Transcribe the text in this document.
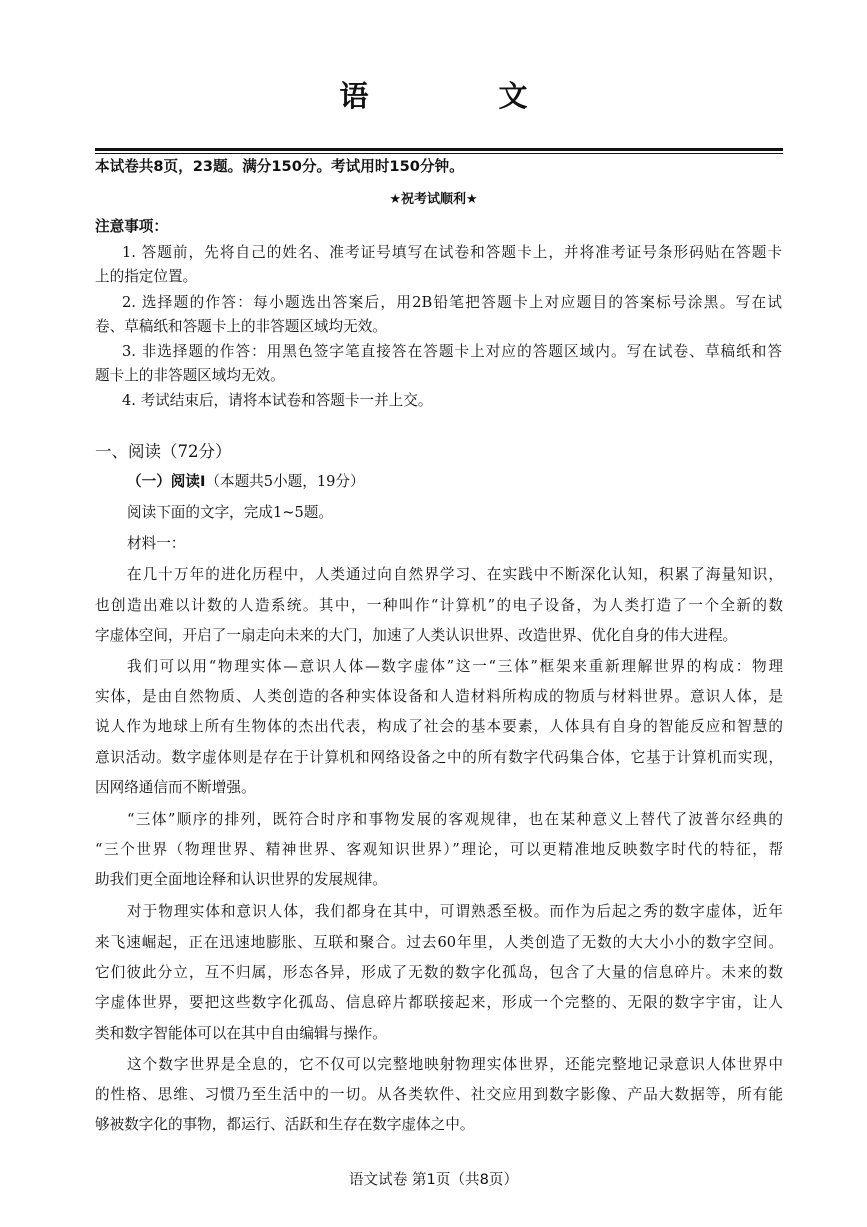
语 文
本试卷共8页，23题。满分150分。考试用时150分钟。
★祝考试顺利★
注意事项：
1. 答题前，先将自己的姓名、准考证号填写在试卷和答题卡上，并将准考证号条形码贴在答题卡
上的指定位置。
2. 选择题的作答：每小题选出答案后，用2B铅笔把答题卡上对应题目的答案标号涂黑。写在试
卷、草稿纸和答题卡上的非答题区域均无效。
3. 非选择题的作答：用黑色签字笔直接答在答题卡上对应的答题区域内。写在试卷、草稿纸和答
题卡上的非答题区域均无效。
4. 考试结束后，请将本试卷和答题卡一并上交。
一、阅读（72分）
（一）阅读Ⅰ（本题共5小题，19分）
阅读下面的文字，完成1~5题。
材料一：
在几十万年的进化历程中，人类通过向自然界学习、在实践中不断深化认知，积累了海量知识，
也创造出难以计数的人造系统。其中，一种叫作“计算机”的电子设备，为人类打造了一个全新的数
字虚体空间，开启了一扇走向未来的大门，加速了人类认识世界、改造世界、优化自身的伟大进程。
我们可以用“物理实体—意识人体—数字虚体”这一“三体”框架来重新理解世界的构成：物理
实体，是由自然物质、人类创造的各种实体设备和人造材料所构成的物质与材料世界。意识人体，是
说人作为地球上所有生物体的杰出代表，构成了社会的基本要素，人体具有自身的智能反应和智慧的
意识活动。数字虚体则是存在于计算机和网络设备之中的所有数字代码集合体，它基于计算机而实现，
因网络通信而不断增强。
“三体”顺序的排列，既符合时序和事物发展的客观规律，也在某种意义上替代了波普尔经典的
“三个世界（物理世界、精神世界、客观知识世界）”理论，可以更精准地反映数字时代的特征，帮
助我们更全面地诠释和认识世界的发展规律。
对于物理实体和意识人体，我们都身在其中，可谓熟悉至极。而作为后起之秀的数字虚体，近年
来飞速崛起，正在迅速地膨胀、互联和聚合。过去60年里，人类创造了无数的大大小小的数字空间。
它们彼此分立，互不归属，形态各异，形成了无数的数字化孤岛，包含了大量的信息碎片。未来的数
字虚体世界，要把这些数字化孤岛、信息碎片都联接起来，形成一个完整的、无限的数字宇宙，让人
类和数字智能体可以在其中自由编辑与操作。
这个数字世界是全息的，它不仅可以完整地映射物理实体世界，还能完整地记录意识人体世界中
的性格、思维、习惯乃至生活中的一切。从各类软件、社交应用到数字影像、产品大数据等，所有能
够被数字化的事物，都运行、活跃和生存在数字虚体之中。
语文试卷 第1页（共8页）
